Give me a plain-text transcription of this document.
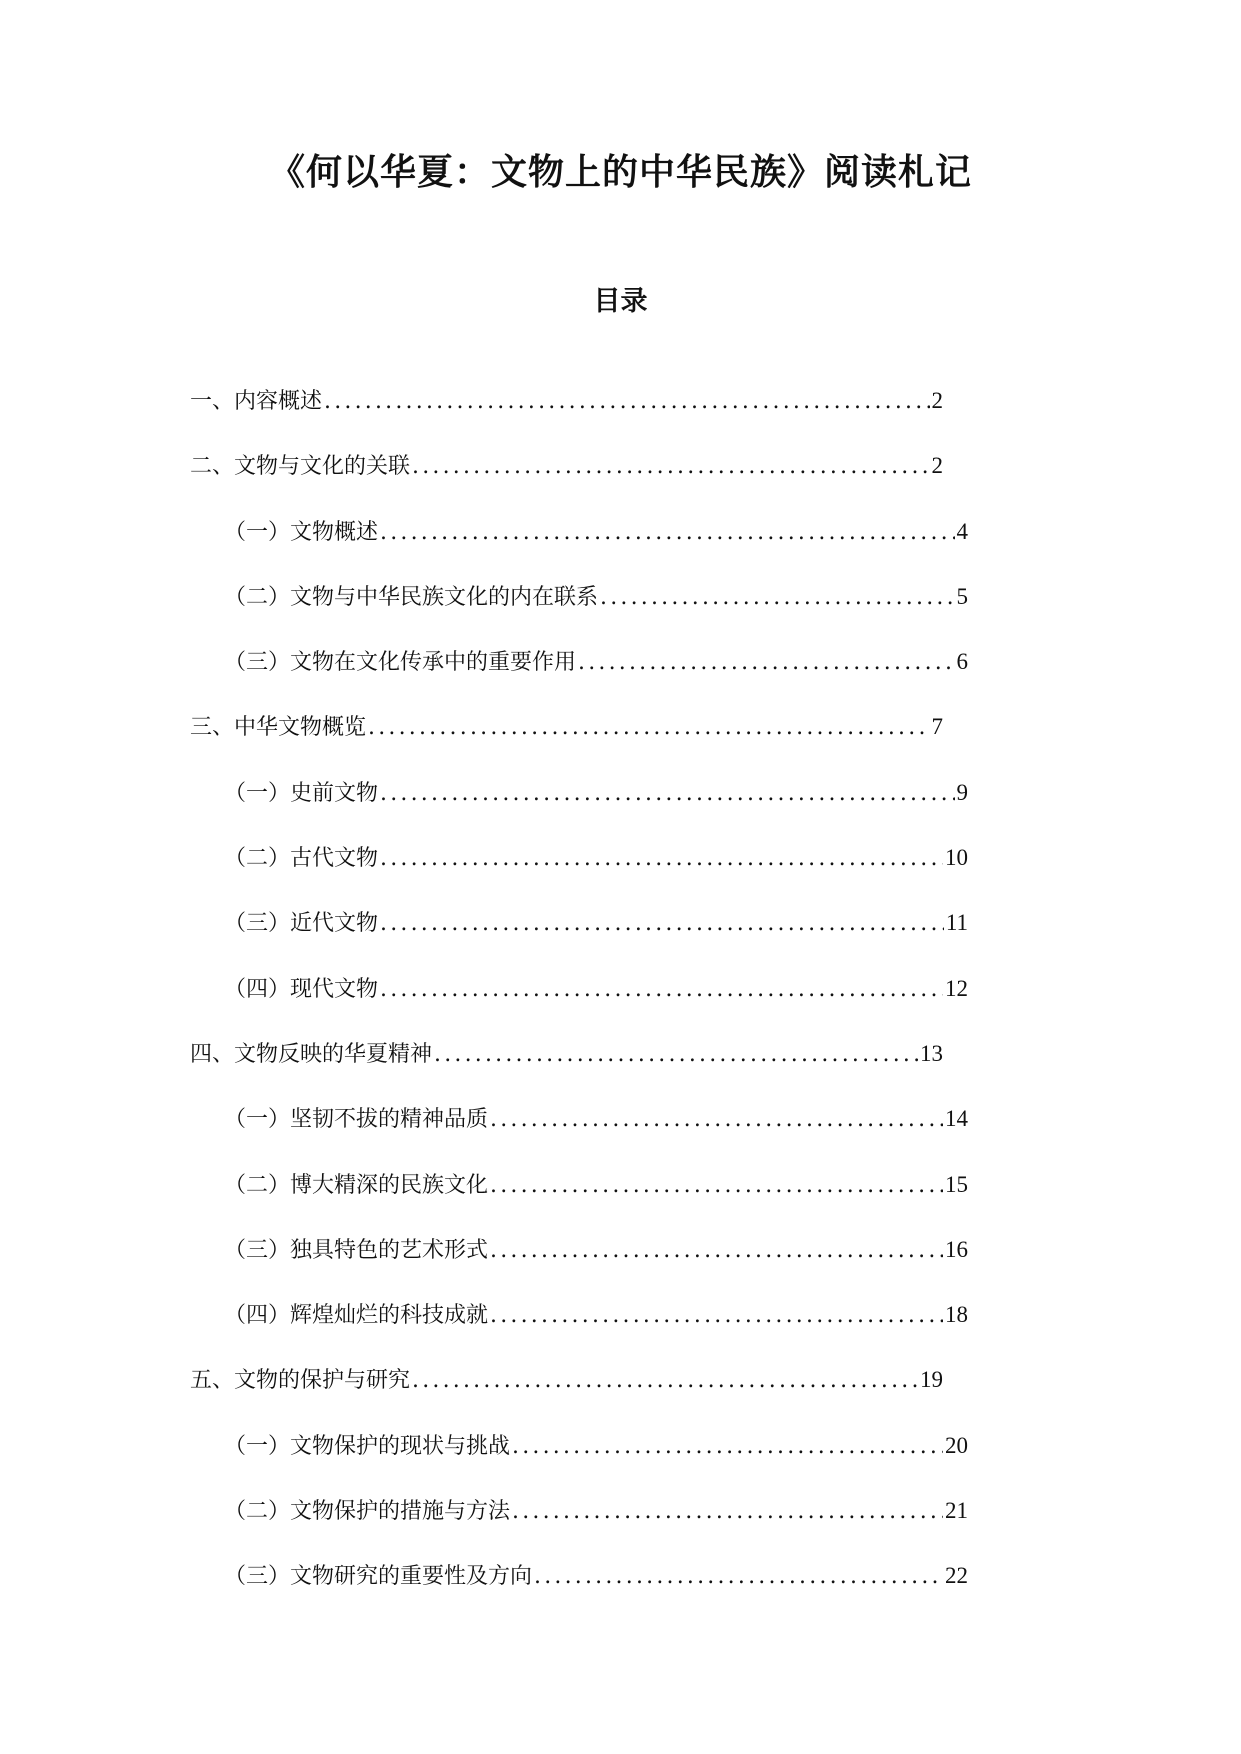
《何以华夏：文物上的中华民族》阅读札记
目录
一、内容概述 .....	2
二、文物与文化的关联 .....	2
（一）文物概述 .....	4
（二）文物与中华民族文化的内在联系 .....	5
（三）文物在文化传承中的重要作用 .....	6
三、中华文物概览 .....	7
（一）史前文物 .....	9
（二）古代文物 .....	10
（三）近代文物 .....	11
（四）现代文物 .....	12
四、文物反映的华夏精神 .....	13
（一）坚韧不拔的精神品质 .....	14
（二）博大精深的民族文化 .....	15
（三）独具特色的艺术形式 .....	16
（四）辉煌灿烂的科技成就 .....	18
五、文物的保护与研究 .....	19
（一）文物保护的现状与挑战 .....	20
（二）文物保护的措施与方法 .....	21
（三）文物研究的重要性及方向 .....	22
